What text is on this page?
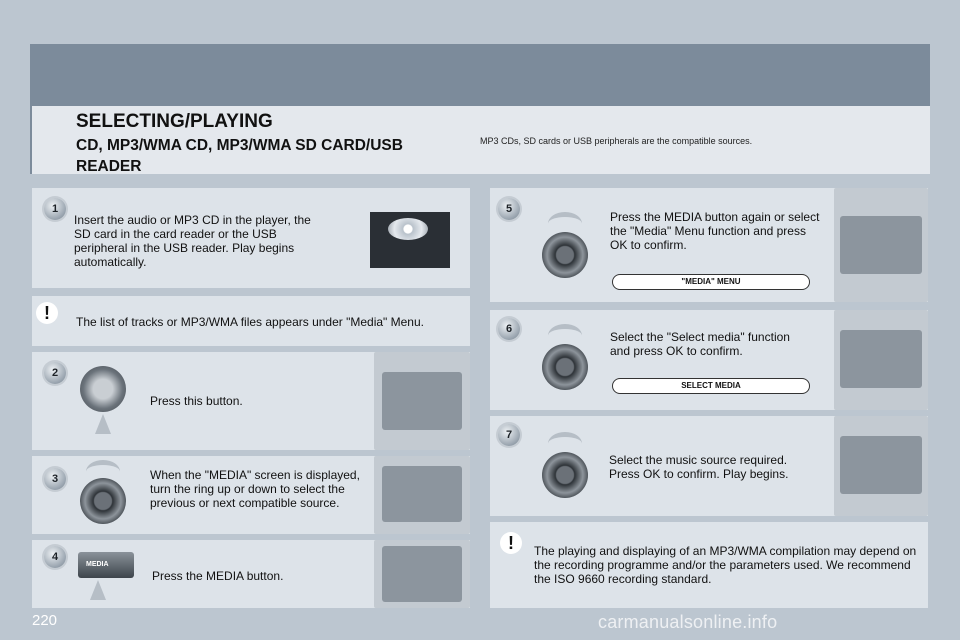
SELECTING/PLAYING
CD, MP3/WMA CD, MP3/WMA SD CARD/USB READER
MP3 CDs, SD cards or USB peripherals are the compatible sources.
1

Insert the audio or MP3 CD in the player, the SD card in the card reader or the USB peripheral in the USB reader. Play begins automatically.

!	The list of tracks or MP3/WMA files appears under "Media" Menu.

2

Press this button.

3	When the "MEDIA" screen is displayed, turn the ring up or down to select the previous or next compatible source.

4

Press the MEDIA button.

MEDIA
5

Press the MEDIA button again or select the "Media" Menu function and press OK to confirm.

"MEDIA" MENU
6

Select the "Select media" function and press OK to confirm.

SELECT MEDIA
7

Select the music source required. Press OK to confirm. Play begins.

!	The playing and displaying of an MP3/WMA compilation may depend on the recording programme and/or the parameters used. We recommend the ISO 9660 recording standard.

220	carmanualsonline.info
